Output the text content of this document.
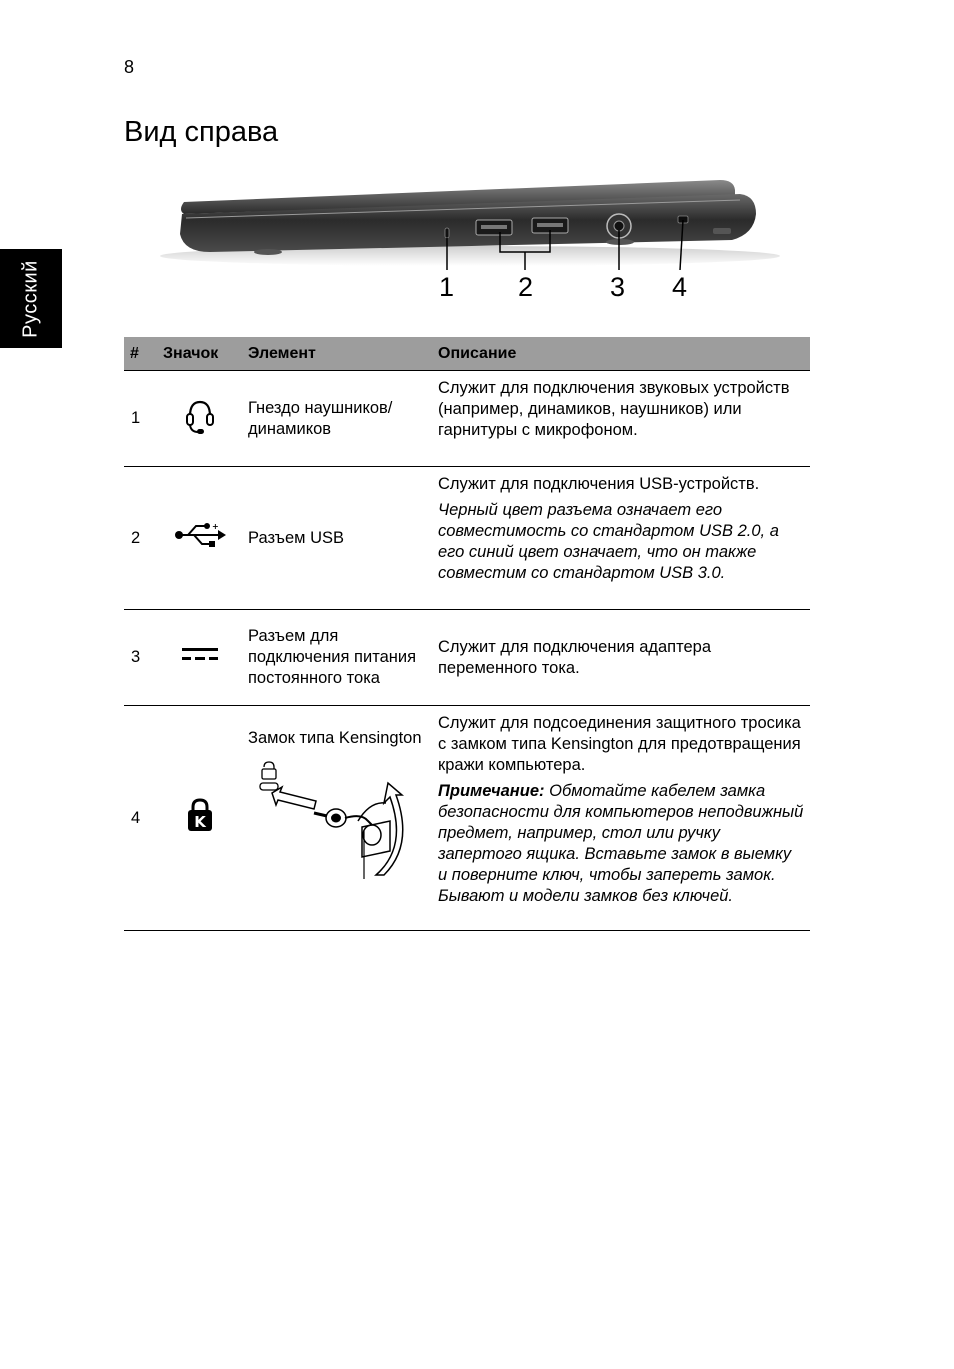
8
Вид справа
Русский	1 2	3 4
#	Значок	Элемент	Описание
1		Гнездо наушников/ динамиков	Служит для подключения звуковых устройств (например, динамиков, наушников) или гарнитуры с микрофоном.

2	+	Разъем USB	Служит для подключения USB-устройств.

Черный цвет разъема означает его совместимость со стандартом USB 2.0, а его синий цвет означает, что он также совместим со стандартом USB 3.0.

3		Разъем для подключения питания постоянного тока	Служит для подключения адаптера переменного тока.

4	K	Замок типа Kensington	Служит для подсоединения защитного тросика с замком типа Kensington для предотвращения кражи компьютера.

Примечание: Обмотайте кабелем замка безопасности для компьютеров неподвижный предмет, например, стол или ручку запертого ящика. Вставьте замок в выемку и поверните ключ, чтобы запереть замок. Бывают и модели замков без ключей.
